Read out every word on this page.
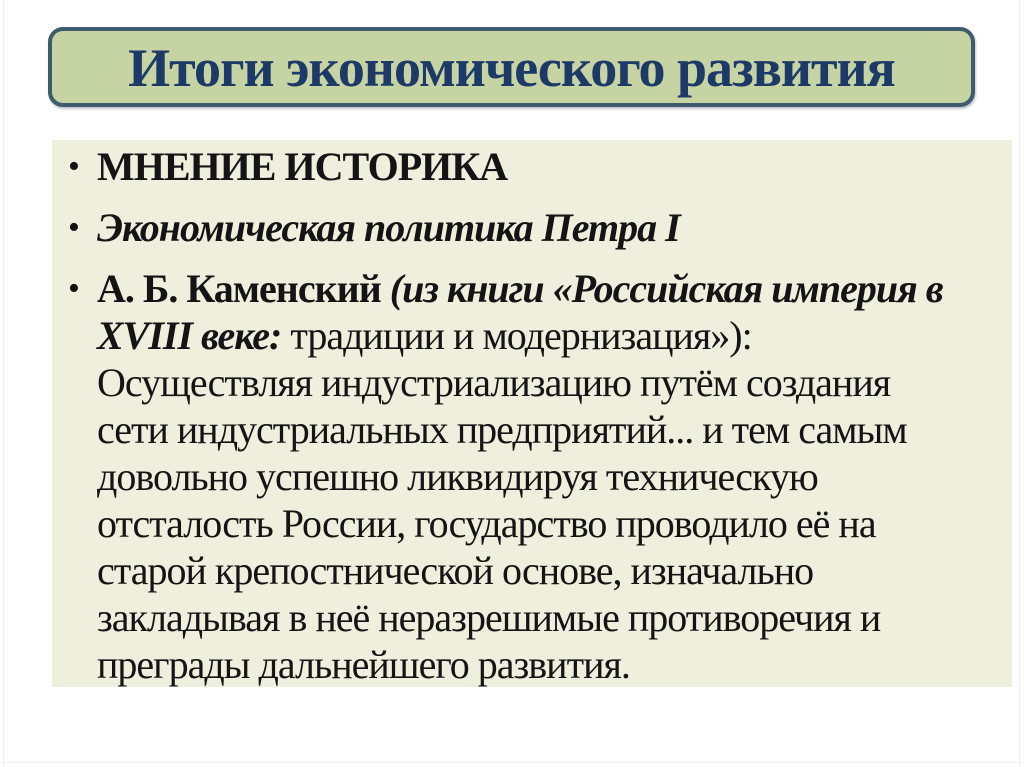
Итоги экономического развития
• МНЕНИЕ ИСТОРИКА
• Экономическая политика Петра I
• А. Б. Каменский (из книги «Российская империя в
XVIII веке: традиции и модернизация»):
Осуществляя индустриализацию путём создания
сети индустриальных предприятий... и тем самым
довольно успешно ликвидируя техническую
отсталость России, государство проводило её на
старой крепостнической основе, изначально
закладывая в неё неразрешимые противоречия и
преграды дальнейшего развития.
